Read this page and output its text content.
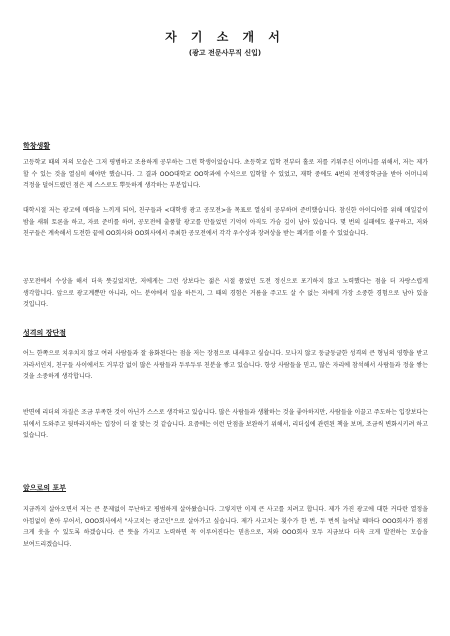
자 기 소 개 서
(광고 전문사무직 신입)
학창생활

고등학교 때의 저의 모습은 그저 평범하고 조용하게 공부하는 그런 학생이었습니다. 초등학교 입학 전부터 홀로 저를 키워주신 어머니를 위해서, 저는 제가 할 수 있는 것을 열심히 해야만 했습니다. 그 결과 OOO대학교 OO학과에 수석으로 입학할 수 있었고, 재학 중에도 4번의 전액장학금을 받아 어머니의 걱정을 덜어드렸던 점은 제 스스로도 뿌듯하게 생각하는 부분입니다.

대학시절 저는 광고에 매력을 느끼게 되어, 친구들과 <대학생 광고 공모전>을 목표로 열심히 공부하며 준비했습니다. 참신한 아이디어를 위해 매일같이 밤을 새워 토론을 하고, 자료 준비를 하며, 공모전에 출품할 광고를 만들었던 기억이 아직도 가슴 깊이 남아 있습니다. 몇 번의 실패에도 불구하고, 저와 친구들은 계속해서 도전한 끝에 OO회사와 OO회사에서 주최한 공모전에서 각각 우수상과 장려상을 받는 쾌거를 이룰 수 있었습니다.

공모전에서 수상을 해서 더욱 뜻깊었지만, 저에게는 그런 상보다는 젊은 시절 품었던 도전 정신으로 포기하지 않고 노력했다는 점을 더 자랑스럽게 생각합니다. 앞으로 광고계뿐만 아니라, 어느 분야에서 일을 하든지, 그 때의 경험은 거름을 주고도 살 수 없는 저에게 가장 소중한 경험으로 남아 있을 것입니다.

성격의 장단점

어느 한쪽으로 치우치지 않고 여러 사람들과 잘 융화된다는 점을 저는 장점으로 내세우고 싶습니다. 모나지 않고 둥글둥글한 성격의 큰 형님의 영향을 받고 자라서인지, 친구들 사이에서도 거부감 없이 많은 사람들과 두루두루 친분을 쌓고 있습니다. 항상 사람들을 믿고, 많은 자리에 참석해서 사람들과 정을 쌓는 것을 소중하게 생각합니다.

반면에 리더의 자질은 조금 부족한 것이 아닌가 스스로 생각하고 있습니다. 많은 사람들과 생활하는 것을 좋아하지만, 사람들을 이끌고 주도하는 입장보다는 뒤에서 도와주고 뒷바라지하는 입장이 더 잘 맞는 것 같습니다. 요즘에는 이런 단점을 보완하기 위해서, 리더십에 관련된 책을 보며, 조금씩 변화시키려 하고 있습니다.

앞으로의 포부

지금까지 살아오면서 저는 큰 문제없이 무난하고 평범하게 살아왔습니다. 그렇지만 이제 큰 사고를 치려고 합니다. 제가 가진 광고에 대한 커다란 열정을 아낌없이 쏟아 부어서, OOO회사에서 "사고치는 광고인"으로 살아가고 싶습니다. 제가 사고치는 횟수가 한 번, 두 번씩 늘어날 때마다 OOO회사가 점점 크게 웃을 수 있도록 하겠습니다. 큰 뜻을 가지고 노력하면 꼭 이루어진다는 믿음으로, 저와 OOO회사 모두 지금보다 더욱 크게 발전하는 모습을 보여드리겠습니다.
